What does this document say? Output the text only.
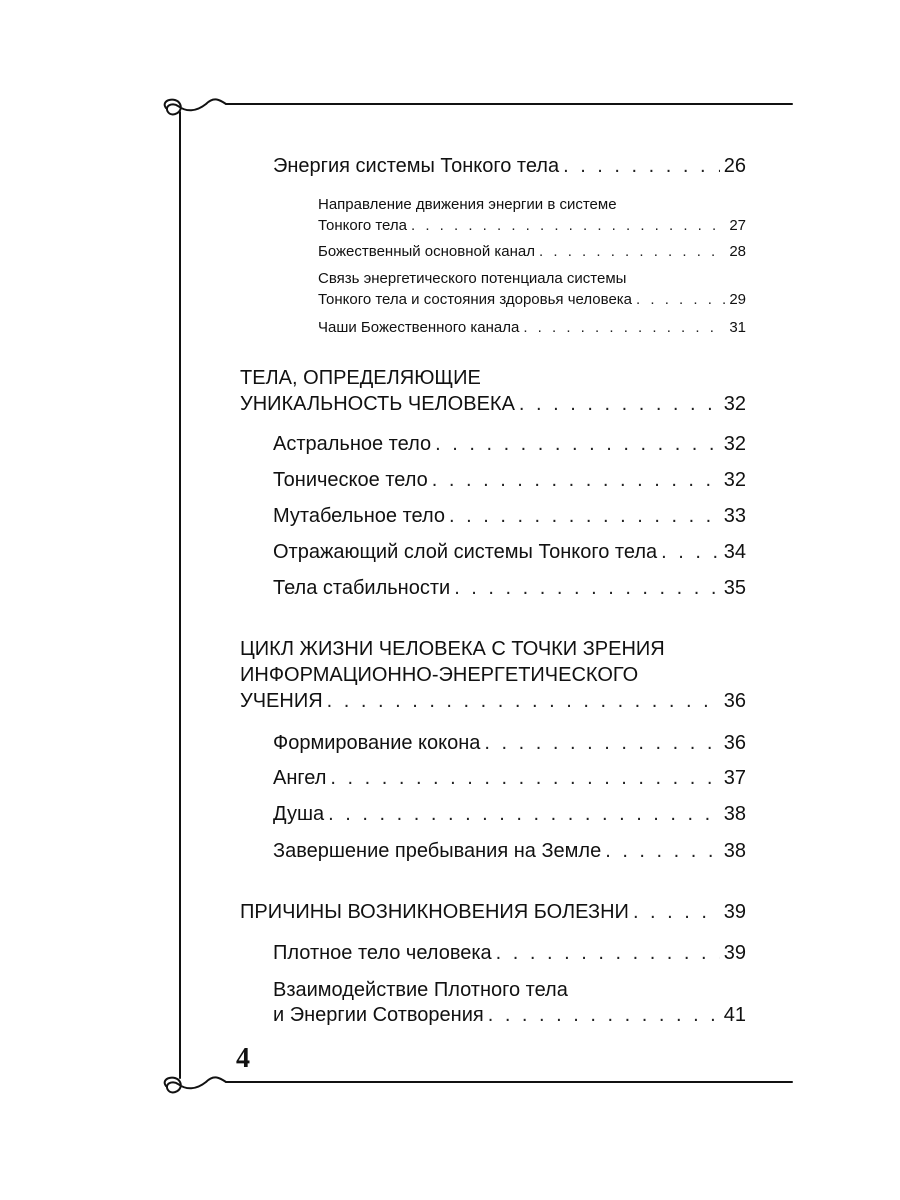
Энергия системы Тонкого тела . . .	26
Направление движения энергии в системе
Тонкого тела . . .	27
Божественный основной канал . . .	28
Связь энергетического потенциала системы
Тонкого тела и состояния здоровья человека . . .	29
Чаши Божественного канала . . .	31
ТЕЛА, ОПРЕДЕЛЯЮЩИЕ
УНИКАЛЬНОСТЬ ЧЕЛОВЕКА . . .	32
Астральное тело . . .	32
Тоническое тело . . .	32
Мутабельное тело . . .	33
Отражающий слой системы Тонкого тела . . .	34
Тела стабильности . . .	35
ЦИКЛ ЖИЗНИ ЧЕЛОВЕКА С ТОЧКИ ЗРЕНИЯ
ИНФОРМАЦИОННО-ЭНЕРГЕТИЧЕСКОГО
УЧЕНИЯ . . .	36
Формирование кокона . . .	36
Ангел . . .	37
Душа . . .	38
Завершение пребывания на Земле . . .	38
ПРИЧИНЫ ВОЗНИКНОВЕНИЯ БОЛЕЗНИ . . .	39
Плотное тело человека . . .	39
Взаимодействие Плотного тела
и Энергии Сотворения . . .	41
4
